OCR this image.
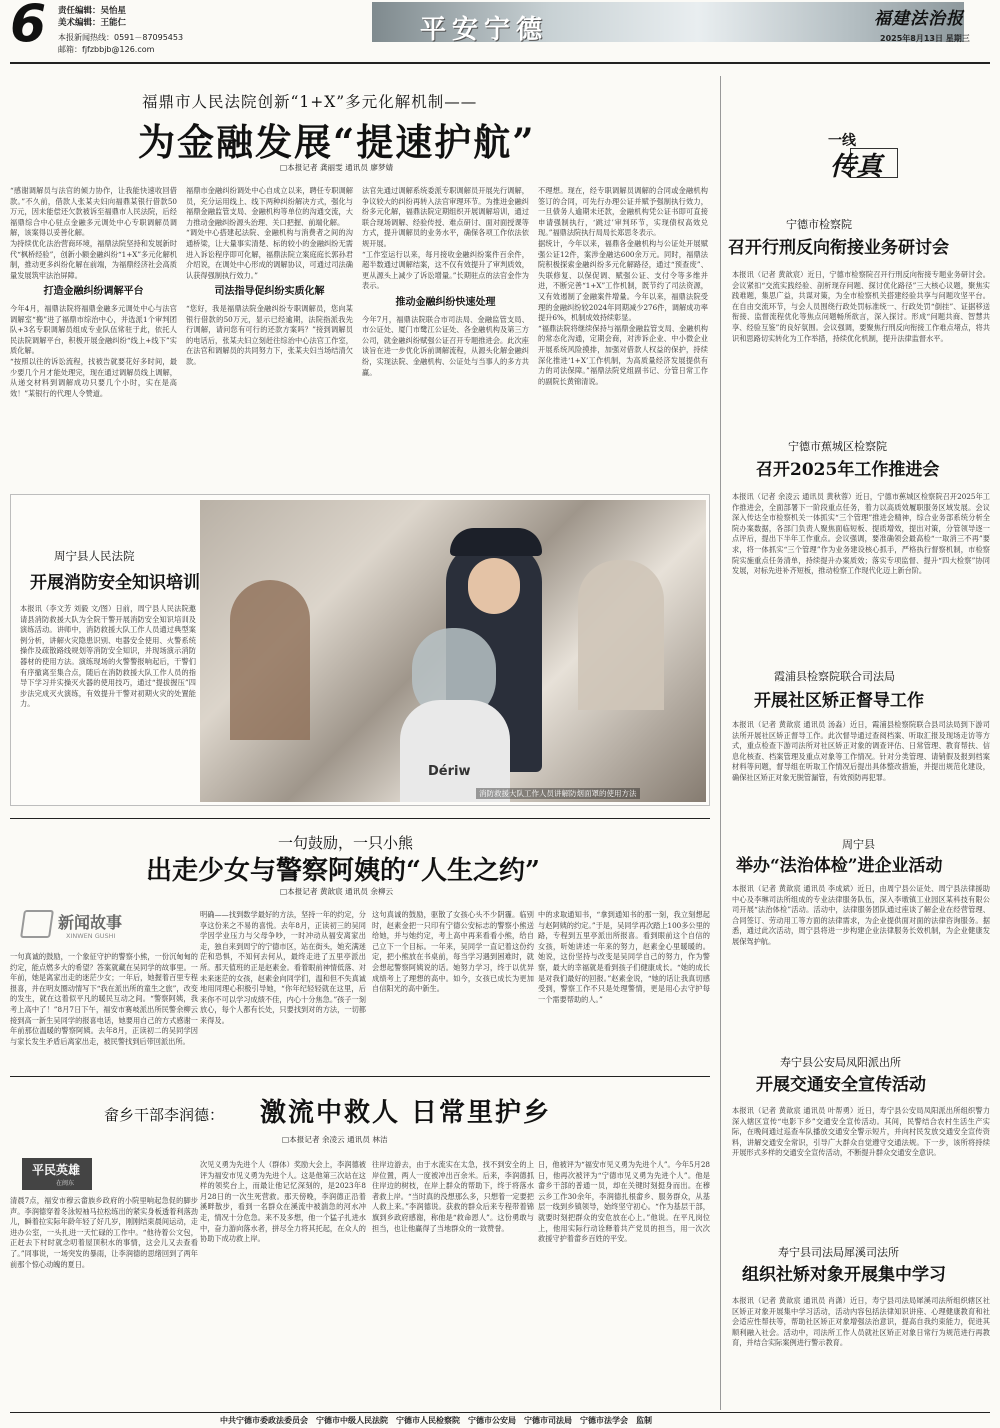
6 责任编辑：吴怡星
美术编辑：王能仁
本报新闻热线：0591－87095453
邮箱：fjfzbbjb@126.com
平安宁德	福建法治报
2025年8月13日 星期三
福鼎市人民法院创新“1+X”多元化解机制——
为金融发展“提速护航”
□本报记者 龚丽雯 通讯员 廖梦婧

“感谢调解员与法官的倾力协作，让我能快速收回借款。”不久前，借款人张某夫妇向福鼎某银行借款50万元，因未能偿还欠款被诉至福鼎市人民法院，后经福鼎综合中心驻点金融多元调处中心专职调解员调解，该案得以妥善化解。

为持续优化法治营商环境，福鼎法院坚持和发展新时代“枫桥经验”，创新小额金融纠纷“1+X”多元化解机制，推动更多纠纷化解在前端，为福鼎经济社会高质量发展筑牢法治屏障。

打造金融纠纷调解平台

今年4月，福鼎法院将福鼎金融多元调处中心与法官调解室“搬”进了福鼎市综治中心，并选派1个审判团队+3名专职调解员组成专业队伍常驻于此，依托人民法院调解平台，积极开展金融纠纷“线上+线下”实质化解。

“按照以往的诉讼流程，找被告就要花好多时间，最少要几个月才能处理完，现在通过调解员线上调解，从递交材料到调解成功只要几个小时，实在是高效！”某银行的代理人令赞道。

福鼎市金融纠纷调处中心自成立以来，聘任专职调解员，充分运用线上、线下两种纠纷解决方式，强化与福鼎金融监管支局、金融机构等单位的沟通交流，大力推动金融纠纷源头治理、关口把握、前端化解。

“调处中心搭建起法院、金融机构与消费者之间的沟通桥梁，让大量事实清楚、标的较小的金融纠纷无需进入诉讼程序即可化解，福鼎法院立案庭庭长郭孙君介绍说，在调处中心形成的调解协议，可通过司法确认获得强制执行效力。”

司法指导促纠纷实质化解

“您好，我是福鼎法院金融纠纷专职调解员，您向某银行借款的50万元，显示已经逾期，法院指派我先行调解，请问您有可行的还款方案吗？”接到调解员的电话后，张某夫妇立刻赶往综治中心法官工作室，在法官和调解员的共同努力下，张某夫妇当场结清欠款。

法官先通过调解系统委派专职调解员开展先行调解，争议较大的纠纷再转入法官审理环节。为推进金融纠纷多元化解，福鼎法院定期组织开展调解培训，通过联合现场调解、经验传授、难点研讨、面对面授课等方式，提升调解员的业务水平，确保各项工作依法依规开展。

“工作室运行以来，每月接收金融纠纷案件百余件，超半数通过调解结案，这不仅有效提升了审判质效，更从源头上减少了诉讼增量。”长期驻点的法官金作为表示。

推动金融纠纷快速处理

今年7月，福鼎法院联合市司法局、金融监管支局、市公证处、厦门市鹭江公证处、各金融机构及第三方公司，就金融纠纷赋强公证召开专题推进会。此次座谈旨在进一步优化诉前调解流程，从源头化解金融纠纷，实现法院、金融机构、公证处与当事人的多方共赢。

不理想。现在，经专职调解员调解的合同或金融机构签订的合同，可先行办理公证并赋予强制执行效力，一旦债务人逾期未还款，金融机构凭公证书即可直接申请强制执行，‘跳过’审判环节，实现债权高效兑现。”福鼎法院执行局局长郑思冬表示。

据统计，今年以来，福鼎各金融机构与公证处开展赋强公证12件，案涉金融达600余万元。同时，福鼎法院积极探索金融纠纷多元化解路径，通过“预查废”、失联修复、以保促调、赋强公证、支付令等多维并进，不断完善“1+X”工作机制，既节约了司法资源，又有效遏制了金融案件增量。今年以来，福鼎法院受理的金融纠纷较2024年同期减少276件，调解成功率提升6%，机制成效持续彰显。

“福鼎法院将继续保持与福鼎金融监管支局、金融机构的常态化沟通，定期会商，对涉诉企业、中小微企业开展系统风险摸排，加强对借款人权益的保护，持续深化推进‘1+X’工作机制，为高质量经济发展提供有力的司法保障。”福鼎法院党组副书记、分管日常工作的副院长黄锦清说。

一线
传真
宁德市检察院
召开行刑反向衔接业务研讨会
本报讯（记者 黄歆宸）近日，宁德市检察院召开行刑反向衔接专题业务研讨会。会议紧扣“交流实践经验、剖析现存问题、探讨优化路径”三大核心议题，聚焦实践难题，集思广益，共谋对策，为全市检察机关搭建经验共享与问题攻坚平台。在自由交流环节，与会人员围绕行政处罚标准统一、行政处罚“倒挂”、证据移送衔接、监督流程优化等焦点问题畅所欲言，深入探讨。形成“问题共商、智慧共享、经验互鉴”的良好氛围。会议强调，要聚焦行刑反向衔接工作难点堵点，将共识和思路切实转化为工作举措，持续优化机制，提升法律监督水平。
宁德市蕉城区检察院
召开2025年工作推进会
本报讯（记者 余凌云 通讯员 黄秋蓉）近日，宁德市蕉城区检察院召开2025年工作推进会，全面部署下一阶段重点任务，着力以高质效履职服务区域发展。会议深入传达全市检察机关一体抓实“三个管理”推进会精神，综合业务部系统分析全院办案数据，各部门负责人聚焦面临短板、提质增效，提出对策，分管领导逐一点评后，提出下半年工作重点。会议强调，要准确领会最高检“一取消三不再”要求，将一体抓实“三个管理”作为业务建设核心抓手，严格执行督察机制，市检察院实施重点任务清单，持续提升办案质效；落实专项监督、提升“四大检察”协同发展，对标先进补齐短板，推动检察工作现代化迈上新台阶。
周宁县人民法院
开展消防安全知识培训
本报讯（李文芳 刘毅 文/图）日前，周宁县人民法院邀请县消防救援大队为全院干警开展消防安全知识培训及演练活动。讲师中，消防救援大队工作人员通过典型案例分析，讲解火灾隐患识别、电器安全使用、火警系统操作及疏散路线规划等消防安全知识，并现场演示消防器材的使用方法。演练现场的火警警报响起后，干警们有序撤离至集合点，随后在消防救援大队工作人员的指导下学习并实操灭火器的使用技巧，通过“提拔握压”四步法完成灭火演练，有效提升干警对初期火灾的处置能力。
Dériw
消防救援大队工作人员讲解防烟面罩的使用方法
霞浦县检察院联合司法局
开展社区矫正督导工作
本报讯（记者 黄歆宸 通讯员 汤淼）近日，霞浦县检察院联合县司法局到下游司法所开展社区矫正督导工作。此次督导通过查阅档案、听取汇报及现场走访等方式，重点检查下游司法所对社区矫正对象的调查评估、日常管理、教育帮扶、信息化核查、档案管理及重点对象等工作情况。针对分类管理、请销假及报到档案材料等问题，督导组在听取工作情况后提出具体整改措施，并提出规范化建设，确保社区矫正对象无脱管漏管，有效预防再犯罪。
一句鼓励，一只小熊
出走少女与警察阿姨的“人生之约”
□本报记者 黄歆宸 通讯员 余柳云
新闻故事
XINWEN GUSHI
一句真诚的鼓励，一个象征守护的警察小熊，一份沉甸甸的约定，能点燃多大的希望？答案就藏在吴同学的故事里。一年前，她是离家出走的迷茫少女；一年后，她握着百里专程报喜，并在明友圈动情写下“我在派出所的童生之旅”，改变的发生，就在这着似平凡的暖民互动之间。“警察阿姨，我考上高中了！”8月7日下午，福安市赛岐派出所民警余柳云接到高一新生吴同学的报喜电话，她要用自己的方式感谢一年前那位温暖的警察阿姨。去年8月，正读初二的吴同学因与家长发生矛盾后离家出走，被民警找到后带回派出所。
明确——找到数学最好的方法，坚持一年的约定，分享这份来之不易的喜悦。去年8月，正读初三的吴同学因学业压力与父母争吵，一时冲动从福安离家出走，独自来到周宁的宁德市区，站在街头，她充满迷茫和恐惧，不知何去何从，最终走进了五里亭派出所。那天值班的正是赵素金。看着眼前神情低落、对未来迷茫的女孩，赵素金向同学们，温和但不失真诚地用同理心积极引导她，“你年纪轻轻就在这里，后来你不可以学习成绩不佳，内心十分焦急。”孩子一刻放心，每个人都有长处，只要找到对的方法，一切都来得及。
这句真诚的鼓励，驱散了女孩心头不少阴霾。临别时，赵素金把一只印有宁德公安标志的警察小熊送给她，并与她约定，考上高中再来看看小熊，给自己立下一个目标。一年来，吴同学一直记着这份约定，把小熊放在书桌前，每当学习遇到困难时，就会想起警察阿姨说的话。她努力学习，终于以优异成绩考上了理想的高中。如今，女孩已成长为更加自信阳光的高中新生。
中的求取通知书，“拿到通知书的那一刻，我立刻想起与赵阿姨的约定。”于是，吴同学再次踏上100多公里的路，专程到五里亭派出所报喜。看到眼前这个自信的女孩，听她讲述一年来的努力，赵素金心里暖暖的。她说，这份坚持与改变是吴同学自己的努力，作为警察，最大的幸福就是看到孩子们健康成长。“她的成长是对我们最好的回报。”赵素金说，“她的话让我真切感受到，警察工作不只是处理警情，更是用心去守护每一个需要帮助的人。”
周宁县
举办“法治体检”进企业活动
本报讯（记者 黄歆宸 通讯员 李成斌）近日，由周宁县公证处、周宁县法律援助中心及李琳司法所组成的专业法律服务队伍，深入李墩镇工业园区某科技有限公司开展“法治体检”活动。活动中，法律服务团队通过座谈了解企业在经营管理、合同签订、劳动用工等方面的法律需求，为企业提供面对面的法律咨询服务。据悉，通过此次活动，周宁县将进一步构建企业法律服务长效机制，为企业健康发展保驾护航。
畲乡干部李润德： 激流中救人 日常里护乡
□本报记者 余凌云 通讯员 林洁
平民英雄
在闽东
清晨7点，福安市穆云畲族乡政府的小院里响起急促的脚步声。李润德穿着冬泳短袖马拉松练出的紧实身板透着利落劲儿，瞬着拉实际年龄年轻了好几岁，刚刚结束晨间运动，走进办公室，一头扎进一天忙碌的工作中。“他待着公文包，正赶去下村时就念叨着屋顶积水的事情，这会儿又去查看了。”同事说，一场突发的暴雨，让李润德的思绪回到了两年前那个惊心动魄的夏日。
次见义勇为先进个人（群体）奖励大会上，李润德被评为福安市见义勇为先进个人。这是他第三次站在这样的领奖台上，而最让他记忆深刻的，是2023年8月28日的一次生死营救。那天傍晚，李润德正沿着溪畔散步，看到一名群众在溪流中被湍急的河水冲走，情况十分危急。来不及多想，他一个猛子扎进水中，奋力游向落水者，拼尽全力将其托起，在众人的协助下成功救上岸。
往岸边游去，由于水流实在太急，找不到安全的上岸位置，两人一度被冲出百余米。后来，李润德抓住岸边的树枝，在岸上群众的帮助下，终于将落水者救上岸。“当时真的没想那么多，只想着一定要把人救上来。”李润德说。获救的群众后来专程带着锦旗到乡政府感谢，称他是“救命恩人”。这份勇敢与担当，也让他赢得了当地群众的一致赞誉。
日，他被评为“福安市见义勇为先进个人”。今年5月28日，他再次被评为“宁德市见义勇为先进个人”。他是畲乡干部的普通一员，却在关键时刻挺身而出。在穆云乡工作30余年，李润德扎根畲乡、服务群众，从基层一线到乡镇领导，始终坚守初心。“作为基层干部，就要时刻把群众的安危放在心上。”他说。在平凡岗位上，他用实际行动诠释着共产党员的担当，用一次次救援守护着畲乡百姓的平安。
寿宁县公安局凤阳派出所
开展交通安全宣传活动
本报讯（记者 黄歆宸 通讯员 叶帮勇）近日，寿宁县公安局凤阳派出所组织警力深入辖区宣传“电影下乡”交通安全宣传活动。其间，民警结合农村生活生产实际，在晚间通过巡查车队播放交通安全警示短片，并向村民发放交通安全宣传资料，讲解交通安全常识，引导广大群众自觉遵守交通法规。下一步，该所将持续开展形式多样的交通安全宣传活动，不断提升群众交通安全意识。
寿宁县司法局犀溪司法所
组织社矫对象开展集中学习
本报讯（记者 黄歆宸 通讯员 肖潇）近日，寿宁县司法局犀溪司法所组织辖区社区矫正对象开展集中学习活动，活动内容包括法律知识讲座、心理健康教育和社会适应性帮扶等，帮助社区矫正对象增强法治意识，提高自我约束能力，促进其顺利融入社会。活动中，司法所工作人员就社区矫正对象日常行为规范进行再教育，并结合实际案例进行警示教育。
中共宁德市委政法委员会　宁德市中级人民法院　宁德市人民检察院　宁德市公安局　宁德市司法局　宁德市法学会　监制
